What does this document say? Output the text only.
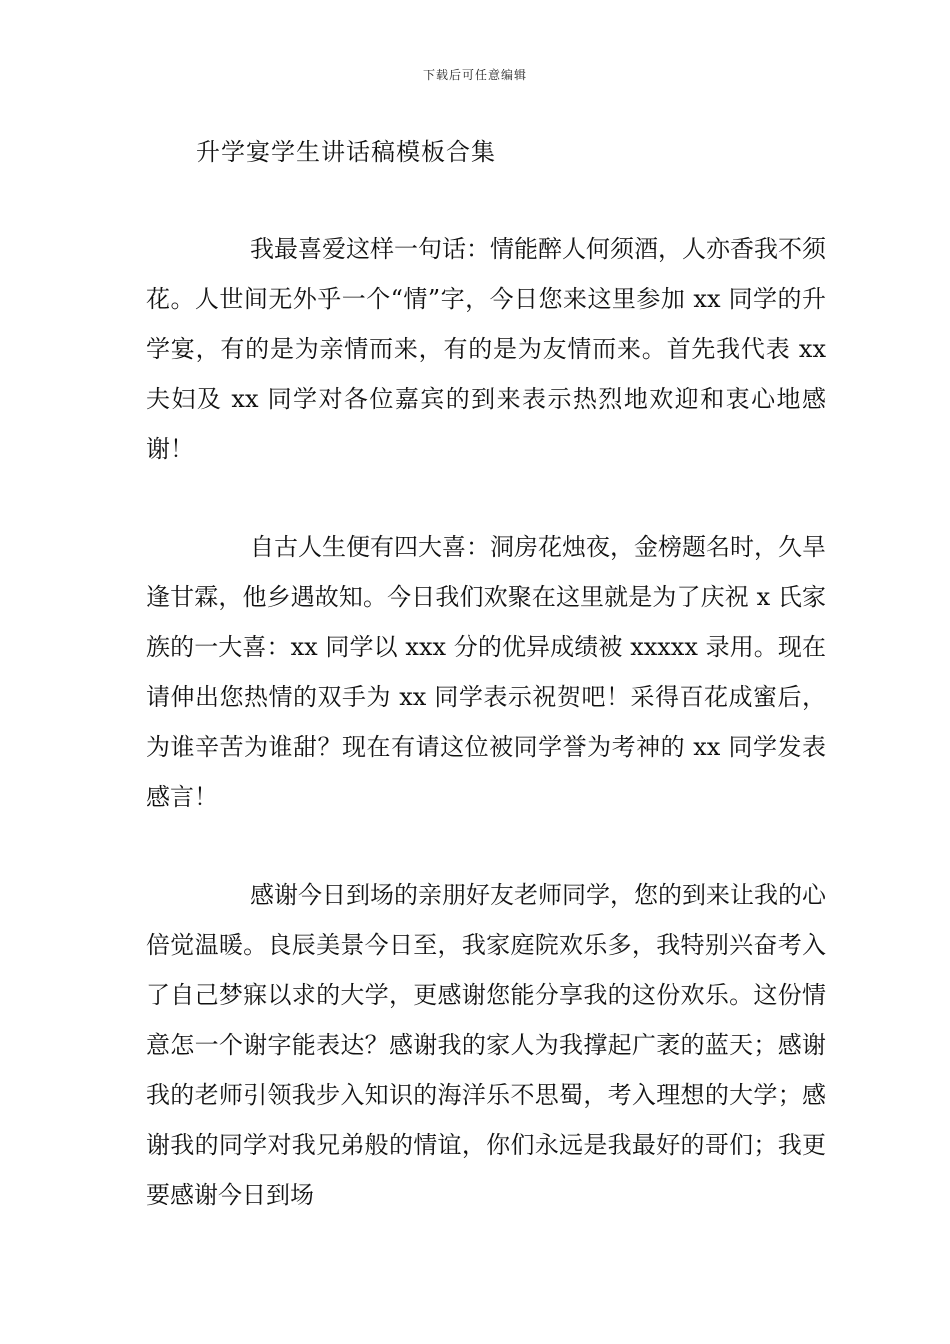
下载后可任意编辑
升学宴学生讲话稿模板合集

我最喜爱这样一句话：情能醉人何须酒，人亦香我不须花。人世间无外乎一个“情”字，今日您来这里参加 xx 同学的升学宴，有的是为亲情而来，有的是为友情而来。首先我代表 xx 夫妇及 xx 同学对各位嘉宾的到来表示热烈地欢迎和衷心地感谢！

自古人生便有四大喜：洞房花烛夜，金榜题名时，久旱逢甘霖，他乡遇故知。今日我们欢聚在这里就是为了庆祝 x 氏家族的一大喜：xx 同学以 xxx 分的优异成绩被 xxxxx 录用。现在请伸出您热情的双手为 xx 同学表示祝贺吧！采得百花成蜜后，为谁辛苦为谁甜？现在有请这位被同学誉为考神的 xx 同学发表感言！

感谢今日到场的亲朋好友老师同学，您的到来让我的心倍觉温暖。良辰美景今日至，我家庭院欢乐多，我特别兴奋考入了自己梦寐以求的大学，更感谢您能分享我的这份欢乐。这份情意怎一个谢字能表达？感谢我的家人为我撑起广袤的蓝天；感谢我的老师引领我步入知识的海洋乐不思蜀，考入理想的大学；感谢我的同学对我兄弟般的情谊，你们永远是我最好的哥们；我更要感谢今日到场
